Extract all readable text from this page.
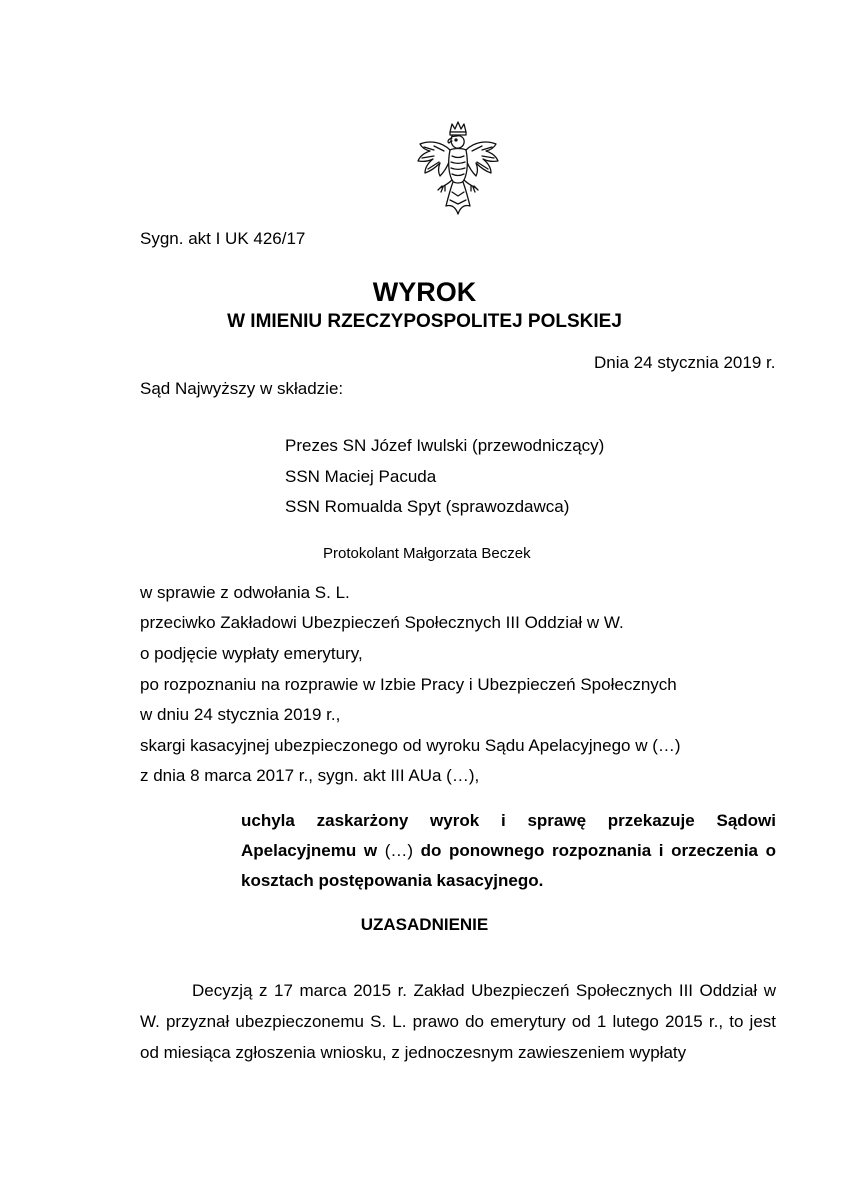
Sygn. akt I UK 426/17
WYROK
W IMIENIU RZECZYPOSPOLITEJ POLSKIEJ
Dnia 24 stycznia 2019 r.
Sąd Najwyższy w składzie:
Prezes SN Józef Iwulski (przewodniczący)
SSN Maciej Pacuda
SSN Romualda Spyt (sprawozdawca)
Protokolant Małgorzata Beczek
w sprawie z odwołania S. L.
przeciwko Zakładowi Ubezpieczeń Społecznych III Oddział w W.
o podjęcie wypłaty emerytury,
po rozpoznaniu na rozprawie w Izbie Pracy i Ubezpieczeń Społecznych
w dniu 24 stycznia 2019 r.,
skargi kasacyjnej ubezpieczonego od wyroku Sądu Apelacyjnego w (…)
z dnia 8 marca 2017 r., sygn. akt III AUa (…),
uchyla zaskarżony wyrok i sprawę przekazuje Sądowi Apelacyjnemu w (…) do ponownego rozpoznania i orzeczenia o kosztach postępowania kasacyjnego.
UZASADNIENIE
Decyzją z 17 marca 2015 r. Zakład Ubezpieczeń Społecznych III Oddział w W. przyznał ubezpieczonemu S. L. prawo do emerytury od 1 lutego 2015 r., to jest od miesiąca zgłoszenia wniosku, z jednoczesnym zawieszeniem wypłaty
